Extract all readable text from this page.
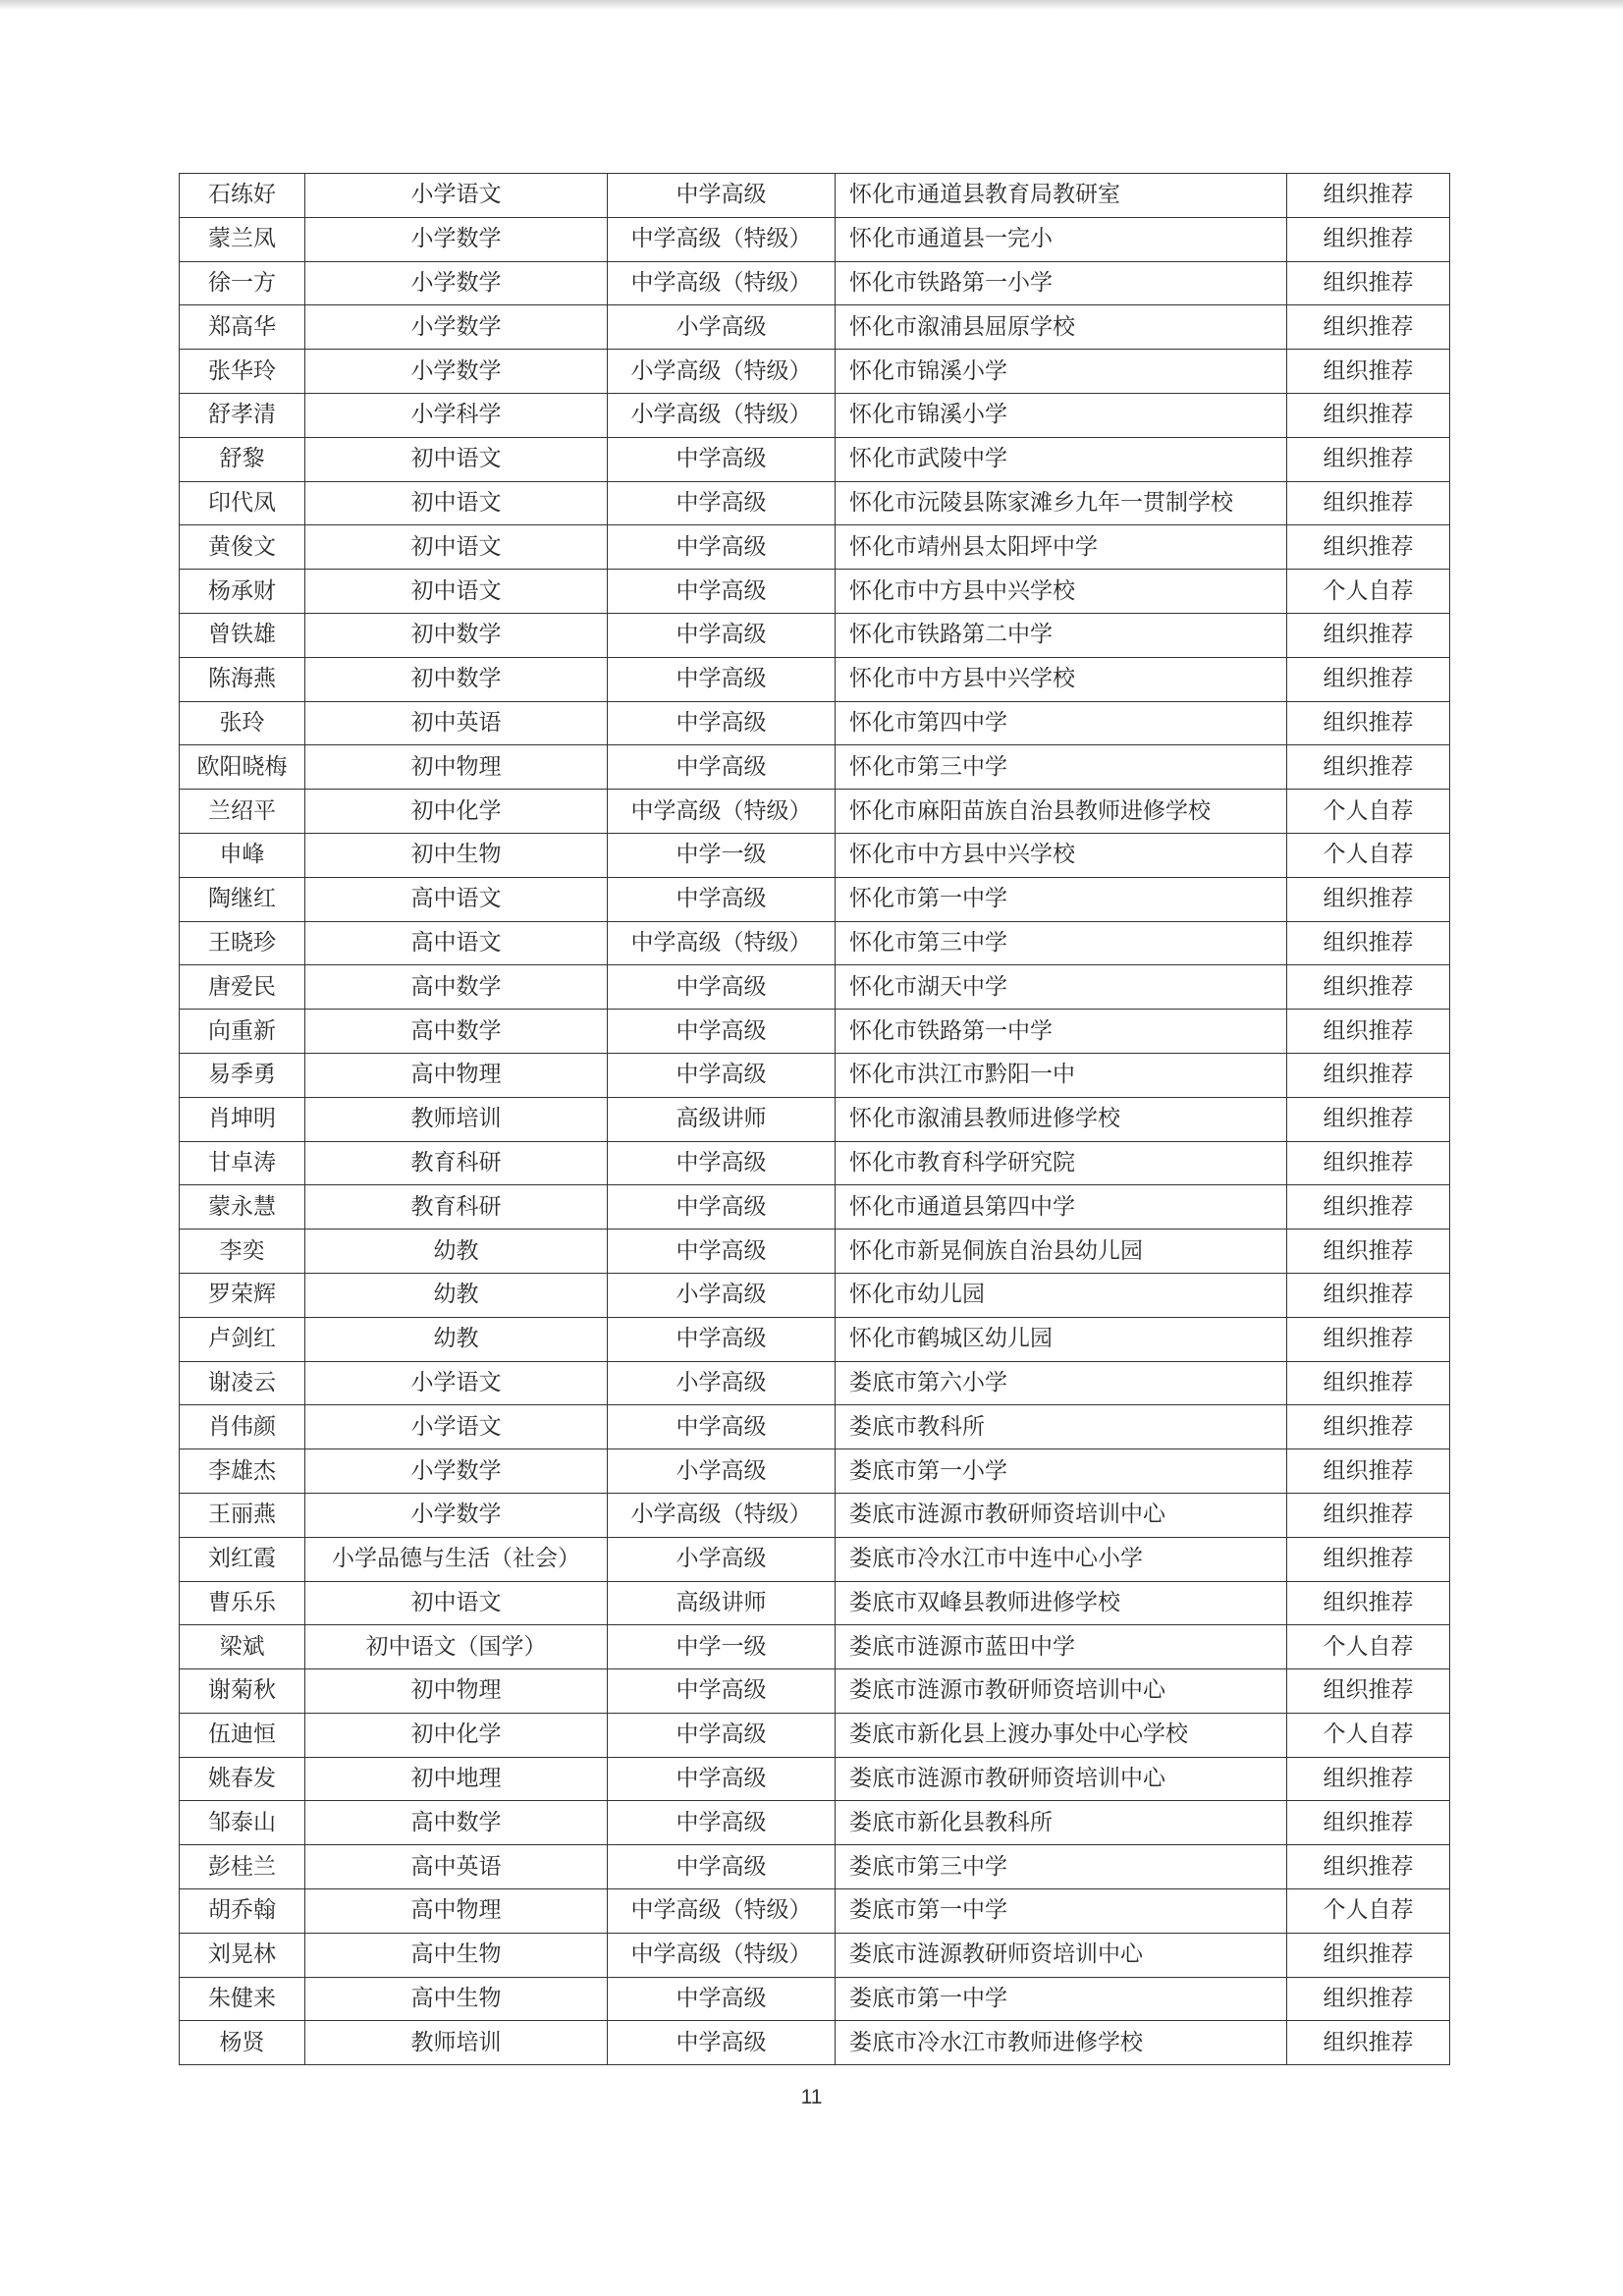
石练好	小学语文	中学高级	怀化市通道县教育局教研室	组织推荐
蒙兰凤	小学数学	中学高级（特级）	怀化市通道县一完小	组织推荐
徐一方	小学数学	中学高级（特级）	怀化市铁路第一小学	组织推荐
郑高华	小学数学	小学高级	怀化市溆浦县屈原学校	组织推荐
张华玲	小学数学	小学高级（特级）	怀化市锦溪小学	组织推荐
舒孝清	小学科学	小学高级（特级）	怀化市锦溪小学	组织推荐
舒黎	初中语文	中学高级	怀化市武陵中学	组织推荐
印代凤	初中语文	中学高级	怀化市沅陵县陈家滩乡九年一贯制学校	组织推荐
黄俊文	初中语文	中学高级	怀化市靖州县太阳坪中学	组织推荐
杨承财	初中语文	中学高级	怀化市中方县中兴学校	个人自荐
曾铁雄	初中数学	中学高级	怀化市铁路第二中学	组织推荐
陈海燕	初中数学	中学高级	怀化市中方县中兴学校	组织推荐
张玲	初中英语	中学高级	怀化市第四中学	组织推荐
欧阳晓梅	初中物理	中学高级	怀化市第三中学	组织推荐
兰绍平	初中化学	中学高级（特级）	怀化市麻阳苗族自治县教师进修学校	个人自荐
申峰	初中生物	中学一级	怀化市中方县中兴学校	个人自荐
陶继红	高中语文	中学高级	怀化市第一中学	组织推荐
王晓珍	高中语文	中学高级（特级）	怀化市第三中学	组织推荐
唐爱民	高中数学	中学高级	怀化市湖天中学	组织推荐
向重新	高中数学	中学高级	怀化市铁路第一中学	组织推荐
易季勇	高中物理	中学高级	怀化市洪江市黔阳一中	组织推荐
肖坤明	教师培训	高级讲师	怀化市溆浦县教师进修学校	组织推荐
甘卓涛	教育科研	中学高级	怀化市教育科学研究院	组织推荐
蒙永慧	教育科研	中学高级	怀化市通道县第四中学	组织推荐
李奕	幼教	中学高级	怀化市新晃侗族自治县幼儿园	组织推荐
罗荣辉	幼教	小学高级	怀化市幼儿园	组织推荐
卢剑红	幼教	中学高级	怀化市鹤城区幼儿园	组织推荐
谢凌云	小学语文	小学高级	娄底市第六小学	组织推荐
肖伟颜	小学语文	中学高级	娄底市教科所	组织推荐
李雄杰	小学数学	小学高级	娄底市第一小学	组织推荐
王丽燕	小学数学	小学高级（特级）	娄底市涟源市教研师资培训中心	组织推荐
刘红霞	小学品德与生活（社会）	小学高级	娄底市冷水江市中连中心小学	组织推荐
曹乐乐	初中语文	高级讲师	娄底市双峰县教师进修学校	组织推荐
梁斌	初中语文（国学）	中学一级	娄底市涟源市蓝田中学	个人自荐
谢菊秋	初中物理	中学高级	娄底市涟源市教研师资培训中心	组织推荐
伍迪恒	初中化学	中学高级	娄底市新化县上渡办事处中心学校	个人自荐
姚春发	初中地理	中学高级	娄底市涟源市教研师资培训中心	组织推荐
邹泰山	高中数学	中学高级	娄底市新化县教科所	组织推荐
彭桂兰	高中英语	中学高级	娄底市第三中学	组织推荐
胡乔翰	高中物理	中学高级（特级）	娄底市第一中学	个人自荐
刘晃林	高中生物	中学高级（特级）	娄底市涟源教研师资培训中心	组织推荐
朱健来	高中生物	中学高级	娄底市第一中学	组织推荐
杨贤	教师培训	中学高级	娄底市冷水江市教师进修学校	组织推荐
11
